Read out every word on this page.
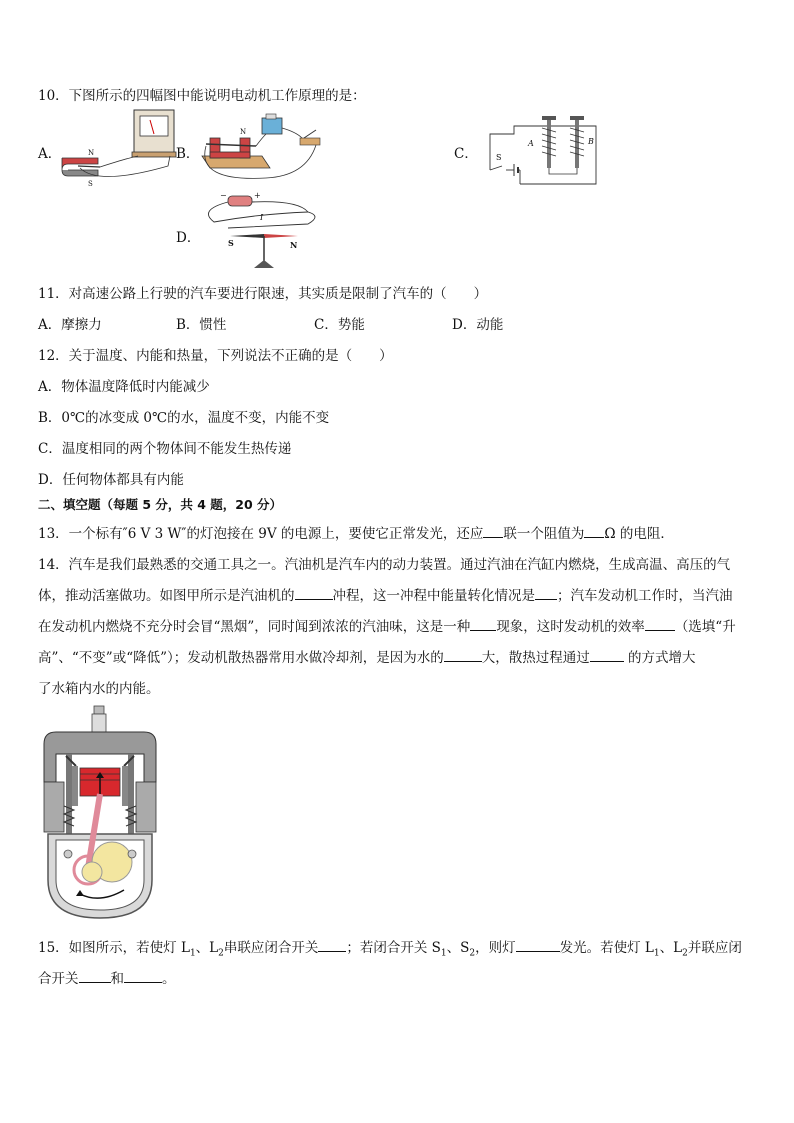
10．下图所示的四幅图中能说明电动机工作原理的是：
A．	N
S
B．
N
C．
A	B
S
D．
−	+
I
S	N
11．对高速公路上行驶的汽车要进行限速，其实质是限制了汽车的（　　）
A．摩擦力	B．惯性	C．势能	D．动能
12．关于温度、内能和热量，下列说法不正确的是（　　）
A．物体温度降低时内能减少
B．0℃的冰变成 0℃的水，温度不变，内能不变
C．温度相同的两个物体间不能发生热传递
D．任何物体都具有内能
二、填空题（每题 5 分，共 4 题，20 分）
13．一个标有″6 V 3 W″的灯泡接在 9V 的电源上，要使它正常发光，还应 联一个阻值为 Ω 的电阻．
14．汽车是我们最熟悉的交通工具之一。汽油机是汽车内的动力装置。通过汽油在汽缸内燃烧，生成高温、高压的气
体，推动活塞做功。如图甲所示是汽油机的	冲程，这一冲程中能量转化情况是 ；汽车发动机工作时，当汽油
在发动机内燃烧不充分时会冒“黑烟”，同时闻到浓浓的汽油味，这是一种 现象，这时发动机的效率 （选填“升
高”、“不变”或“降低”）；发动机散热器常用水做冷却剂，是因为水的	大，散热过程通过	的方式增大
了水箱内水的内能。
15．如图所示，若使灯 $L_1$、$L_2$串联应闭合开关 ；若闭合开关 $S_1$、$S_2$，则灯	发光。若使灯 $L_1$、$L_2$并联应闭
合开关 和	。
